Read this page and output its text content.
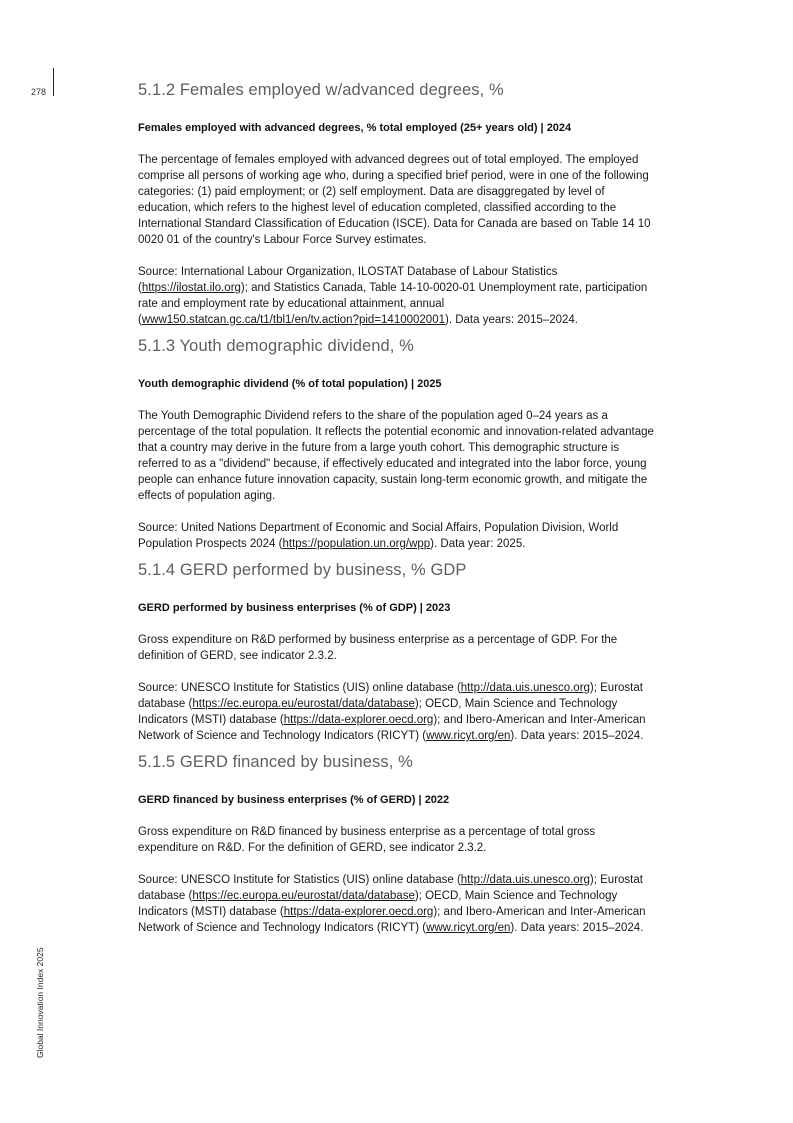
278
Global Innovation Index 2025
5.1.2 Females employed w/advanced degrees, %

Females employed with advanced degrees, % total employed (25+ years old) | 2024

The percentage of females employed with advanced degrees out of total employed. The employed comprise all persons of working age who, during a specified brief period, were in one of the following categories: (1) paid employment; or (2) self employment. Data are disaggregated by level of education, which refers to the highest level of education completed, classified according to the International Standard Classification of Education (ISCE). Data for Canada are based on Table 14 10 0020 01 of the country's Labour Force Survey estimates.

Source: International Labour Organization, ILOSTAT Database of Labour Statistics (https://ilostat.ilo.org); and Statistics Canada, Table 14-10-0020-01 Unemployment rate, participation rate and employment rate by educational attainment, annual (www150.statcan.gc.ca/t1/tbl1/en/tv.action?pid=1410002001). Data years: 2015–2024.

5.1.3 Youth demographic dividend, %

Youth demographic dividend (% of total population) | 2025

The Youth Demographic Dividend refers to the share of the population aged 0–24 years as a percentage of the total population. It reflects the potential economic and innovation-related advantage that a country may derive in the future from a large youth cohort. This demographic structure is referred to as a "dividend" because, if effectively educated and integrated into the labor force, young people can enhance future innovation capacity, sustain long-term economic growth, and mitigate the effects of population aging.

Source: United Nations Department of Economic and Social Affairs, Population Division, World Population Prospects 2024 (https://population.un.org/wpp). Data year: 2025.

5.1.4 GERD performed by business, % GDP

GERD performed by business enterprises (% of GDP) | 2023

Gross expenditure on R&D performed by business enterprise as a percentage of GDP. For the definition of GERD, see indicator 2.3.2.

Source: UNESCO Institute for Statistics (UIS) online database (http://data.uis.unesco.org); Eurostat database (https://ec.europa.eu/eurostat/data/database); OECD, Main Science and Technology Indicators (MSTI) database (https://data-explorer.oecd.org); and Ibero-American and Inter-American Network of Science and Technology Indicators (RICYT) (www.ricyt.org/en). Data years: 2015–2024.

5.1.5 GERD financed by business, %

GERD financed by business enterprises (% of GERD) | 2022

Gross expenditure on R&D financed by business enterprise as a percentage of total gross expenditure on R&D. For the definition of GERD, see indicator 2.3.2.

Source: UNESCO Institute for Statistics (UIS) online database (http://data.uis.unesco.org); Eurostat database (https://ec.europa.eu/eurostat/data/database); OECD, Main Science and Technology Indicators (MSTI) database (https://data-explorer.oecd.org); and Ibero-American and Inter-American Network of Science and Technology Indicators (RICYT) (www.ricyt.org/en). Data years: 2015–2024.
